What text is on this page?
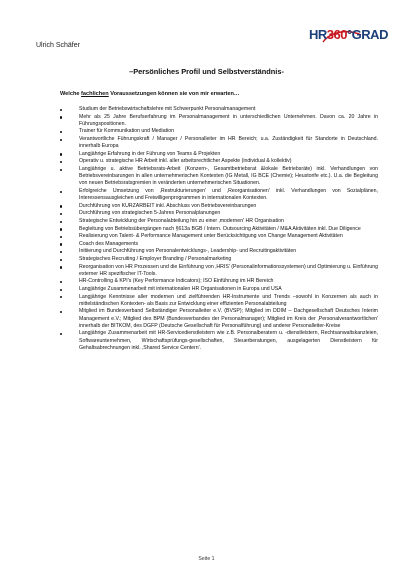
Ulrich Schäfer
HR360°GRAD
–Persönliches Profil und Selbstverständnis-
Welche fachlichen Voraussetzungen können sie von mir erwarten…
Studium der Betriebswirtschaftslehre mit Schwerpunkt Personalmanagement
Mehr als 25 Jahre Berufserfahrung im Personalmanagement in unterschiedlichen Unternehmen. Davon ca. 20 Jahre in Führungspositionen.
Trainer für Kommunikation und Mediation
Verantwortliche Führungskraft / Manager / Personalleiter im HR Bereich; u.a. Zuständigkeit für Standorte in Deutschland. innerhalb Europa
Langjährige Erfahrung in der Führung von Teams & Projekten
Operativ u. strategische HR Arbeit inkl. aller arbeitsrechtlicher Aspekte (individual & kollektiv)
Langjährige u. aktive Betriebsrats-Arbeit (Konzern-, Gesamtbetriebsrat &lokale Betriebsräte) inkl. Verhandlungen von Betriebsvereinbarungen in allen unternehmerischen Kontexten (IG Metall, IG BCE (Chemie); Heustorife etc.). U.a. die Begleitung von neuen Betriebsratsgremien in veränderten unternehmerischen Situationen.
Erfolgreiche Umsetzung von ‚Restrukturierungen' und ‚Reorganisationen' inkl. Verhandlungen von Sozialplänen, Interessensausgleichen und Freiwilligenprogrammen in internationalen Kontexten.
Durchführung von KURZARBEIT inkl. Abschluss von Betriebsvereinbarungen
Durchführung von strategischen 5-Jahres Personalplanungen
Strategische Entwicklung der Personalabteilung hin zu einer ‚modernen' HR Organisation
Begleitung von Betriebsübergängen nach §613a BGB / Intern. Outsourcing Aktivitäten / M&A Aktivitäten inkl. Due Diligence
Realisierung von Talent- & Performance Management unter Berücksichtigung von Change Management Aktivitäten
Coach des Managements
Initiierung und Durchführung von Personalentwicklungs-, Leadership- und Recruitingaktivitäten
Strategisches Recruiting / Employer Branding / Personalmarketing
Reorganisation von HR Prozessen und die Einführung von ‚HRIS' (Personalinformationssystemen) und Optimierung u. Einführung externer HR spezifischer IT-Tools.
HR-Controlling & KPI's (Key Performance Indicators); ISO Einführung im HR Bereich
Langjährige Zusammenarbeit mit internationalen HR Organisationen in Europa und USA
Langjährige Kenntnisse aller modernen und zielführenden HR-Instrumente und Trends –sowohl in Konzernen als auch in mittelständischen Kontexten- als Basis zur Entwicklung einer effizienten Personalabteilung
Mitglied im Bundesverband Selbständiger Personalleiter e.V. (BVSP); Mitglied im DDIM – Dachgesellschaft Deutsches Interim Management e.V.; Mitglied des BPM (Bundesverbandes der Personalmanager); Mitglied im Kreis der ‚Personalverantwortlichen' innerhalb der BITKOM, des DGFP (Deutsche Gesellschaft für Personalführung) und anderer Personalleiter-Kreise
Langjährige Zusammenarbeit mit HR-Servicedienstleistern wie z.B. Personalberatern u. -dienstleistern, Rechtsanwaltskanzleien, Softwareunternehmen, Wirtschaftsprüfungs-gesellschaften, Steuerberatungen, ausgelagerten Dienstleistern für Gehaltsabrechnungen inkl. ‚Shared Service Centern'.
Seite 1
